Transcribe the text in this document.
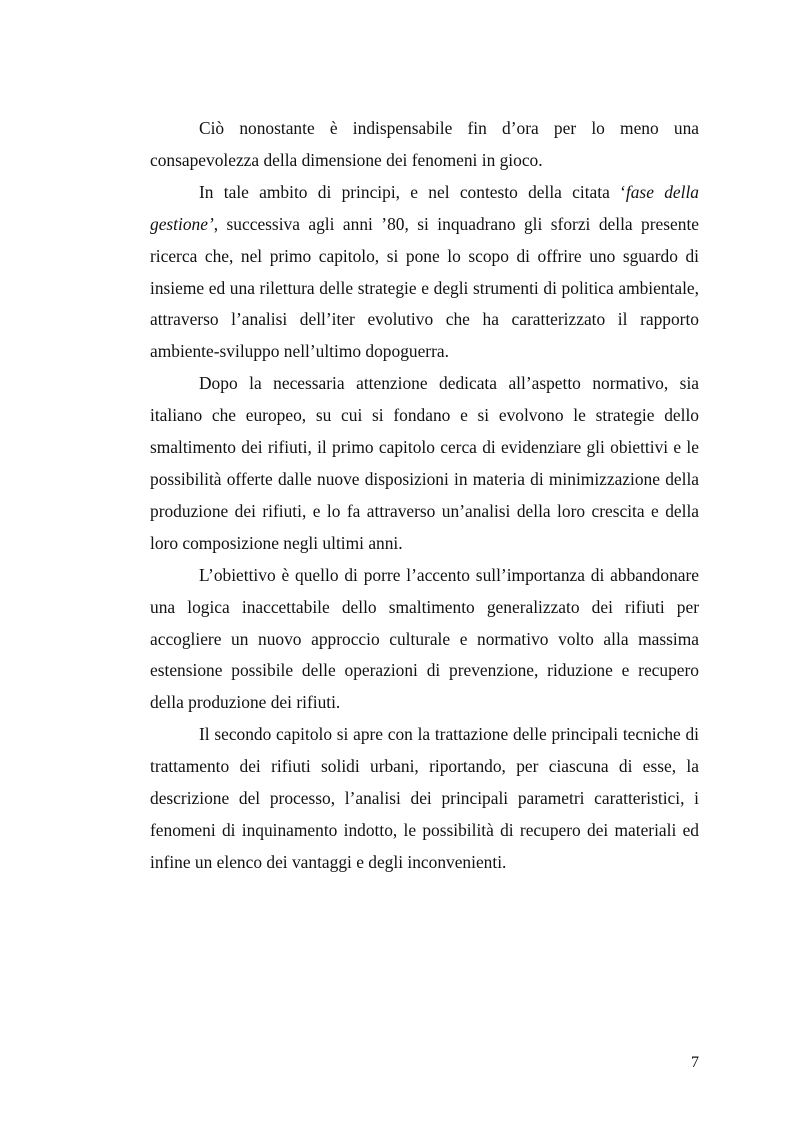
Ciò nonostante è indispensabile fin d’ora per lo meno una consapevolezza della dimensione dei fenomeni in gioco.

In tale ambito di principi, e nel contesto della citata ‘fase della gestione’, successiva agli anni ’80, si inquadrano gli sforzi della presente ricerca che, nel primo capitolo, si pone lo scopo di offrire uno sguardo di insieme ed una rilettura delle strategie e degli strumenti di politica ambientale, attraverso l’analisi dell’iter evolutivo che ha caratterizzato il rapporto ambiente-sviluppo nell’ultimo dopoguerra.

Dopo la necessaria attenzione dedicata all’aspetto normativo, sia italiano che europeo, su cui si fondano e si evolvono le strategie dello smaltimento dei rifiuti, il primo capitolo cerca di evidenziare gli obiettivi e le possibilità offerte dalle nuove disposizioni in materia di minimizzazione della produzione dei rifiuti, e lo fa attraverso un’analisi della loro crescita e della loro composizione negli ultimi anni.

L’obiettivo è quello di porre l’accento sull’importanza di abbandonare una logica inaccettabile dello smaltimento generalizzato dei rifiuti per accogliere un nuovo approccio culturale e normativo volto alla massima estensione possibile delle operazioni di prevenzione, riduzione e recupero della produzione dei rifiuti.

Il secondo capitolo si apre con la trattazione delle principali tecniche di trattamento dei rifiuti solidi urbani, riportando, per ciascuna di esse, la descrizione del processo, l’analisi dei principali parametri caratteristici, i fenomeni di inquinamento indotto, le possibilità di recupero dei materiali ed infine un elenco dei vantaggi e degli inconvenienti.

7
